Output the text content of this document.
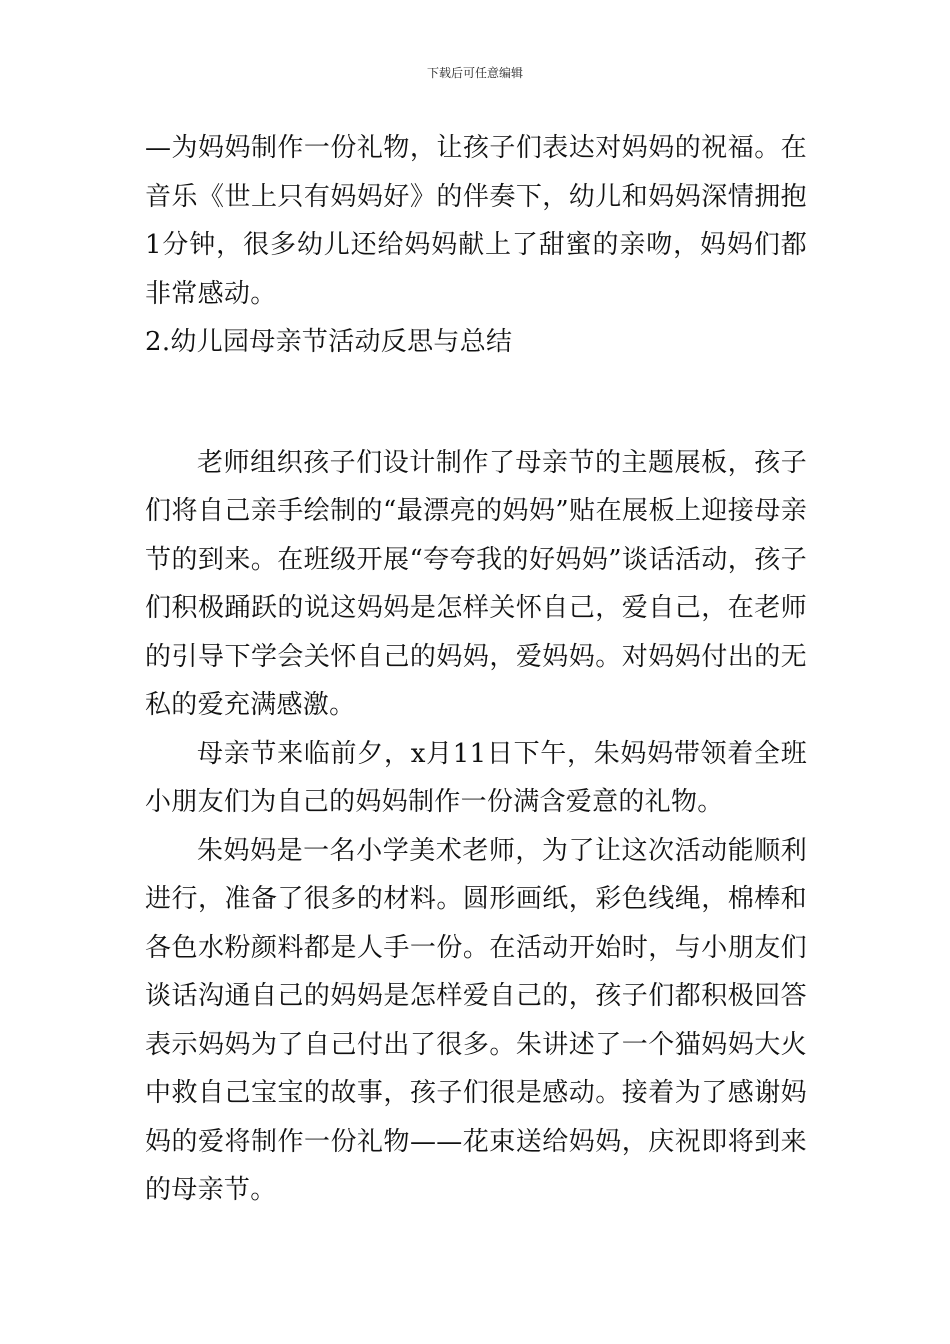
下载后可任意编辑

—为妈妈制作一份礼物，让孩子们表达对妈妈的祝福。在音乐《世上只有妈妈好》的伴奏下，幼儿和妈妈深情拥抱1分钟，很多幼儿还给妈妈献上了甜蜜的亲吻，妈妈们都非常感动。

2.幼儿园母亲节活动反思与总结

老师组织孩子们设计制作了母亲节的主题展板，孩子们将自己亲手绘制的“最漂亮的妈妈”贴在展板上迎接母亲节的到来。在班级开展“夸夸我的好妈妈”谈话活动，孩子们积极踊跃的说这妈妈是怎样关怀自己，爱自己，在老师的引导下学会关怀自己的妈妈，爱妈妈。对妈妈付出的无私的爱充满感激。

母亲节来临前夕，x月11日下午，朱妈妈带领着全班小朋友们为自己的妈妈制作一份满含爱意的礼物。

朱妈妈是一名小学美术老师，为了让这次活动能顺利进行，准备了很多的材料。圆形画纸，彩色线绳，棉棒和各色水粉颜料都是人手一份。在活动开始时，与小朋友们谈话沟通自己的妈妈是怎样爱自己的，孩子们都积极回答表示妈妈为了自己付出了很多。朱讲述了一个猫妈妈大火中救自己宝宝的故事，孩子们很是感动。接着为了感谢妈妈的爱将制作一份礼物——花束送给妈妈，庆祝即将到来的母亲节。
